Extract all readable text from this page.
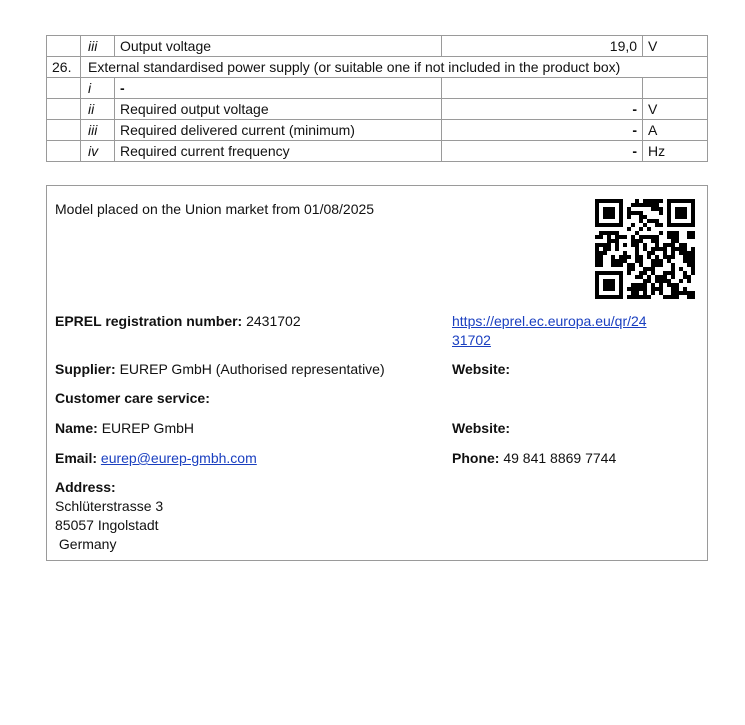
	iii	Output voltage	19,0	V
26.	External standardised power supply (or suitable one if not included in the product box)			
	i	-		
	ii	Required output voltage	-	V
	iii	Required delivered current (minimum)	-	A
	iv	Required current frequency	-	Hz
Model placed on the Union market from 01/08/2025
EPREL registration number: 2431702	https://eprel.ec.europa.eu/qr/24
31702
Supplier: EUREP GmbH (Authorised representative)	Website:
Customer care service:
Name: EUREP GmbH	Website:
Email: eurep@eurep-gmbh.com	Phone: 49 841 8869 7744
Address:
Schlüterstrasse 3
85057 Ingolstadt
Germany
